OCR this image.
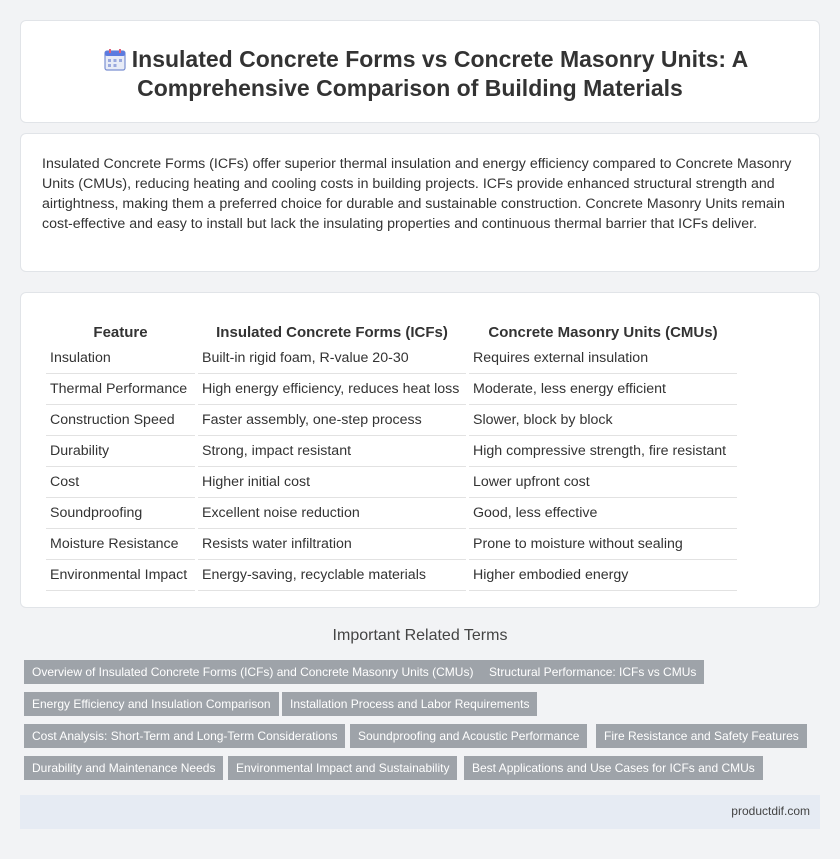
Insulated Concrete Forms vs Concrete Masonry Units: A
Comprehensive Comparison of Building Materials

Insulated Concrete Forms (ICFs) offer superior thermal insulation and energy efficiency compared to Concrete Masonry Units (CMUs), reducing heating and cooling costs in building projects. ICFs provide enhanced structural strength and airtightness, making them a preferred choice for durable and sustainable construction. Concrete Masonry Units remain cost-effective and easy to install but lack the insulating properties and continuous thermal barrier that ICFs deliver.

Feature	Insulated Concrete Forms (ICFs)	Concrete Masonry Units (CMUs)
Insulation	Built-in rigid foam, R-value 20-30	Requires external insulation
Thermal Performance	High energy efficiency, reduces heat loss	Moderate, less energy efficient
Construction Speed	Faster assembly, one-step process	Slower, block by block
Durability	Strong, impact resistant	High compressive strength, fire resistant
Cost	Higher initial cost	Lower upfront cost
Soundproofing	Excellent noise reduction	Good, less effective
Moisture Resistance	Resists water infiltration	Prone to moisture without sealing
Environmental Impact	Energy-saving, recyclable materials	Higher embodied energy
Important Related Terms
Overview of Insulated Concrete Forms (ICFs) and Concrete Masonry Units (CMUs)	Structural Performance: ICFs vs CMUs
Energy Efficiency and Insulation Comparison	Installation Process and Labor Requirements
Cost Analysis: Short-Term and Long-Term Considerations	Soundproofing and Acoustic Performance	Fire Resistance and Safety Features
Durability and Maintenance Needs	Environmental Impact and Sustainability	Best Applications and Use Cases for ICFs and CMUs
productdif.com
